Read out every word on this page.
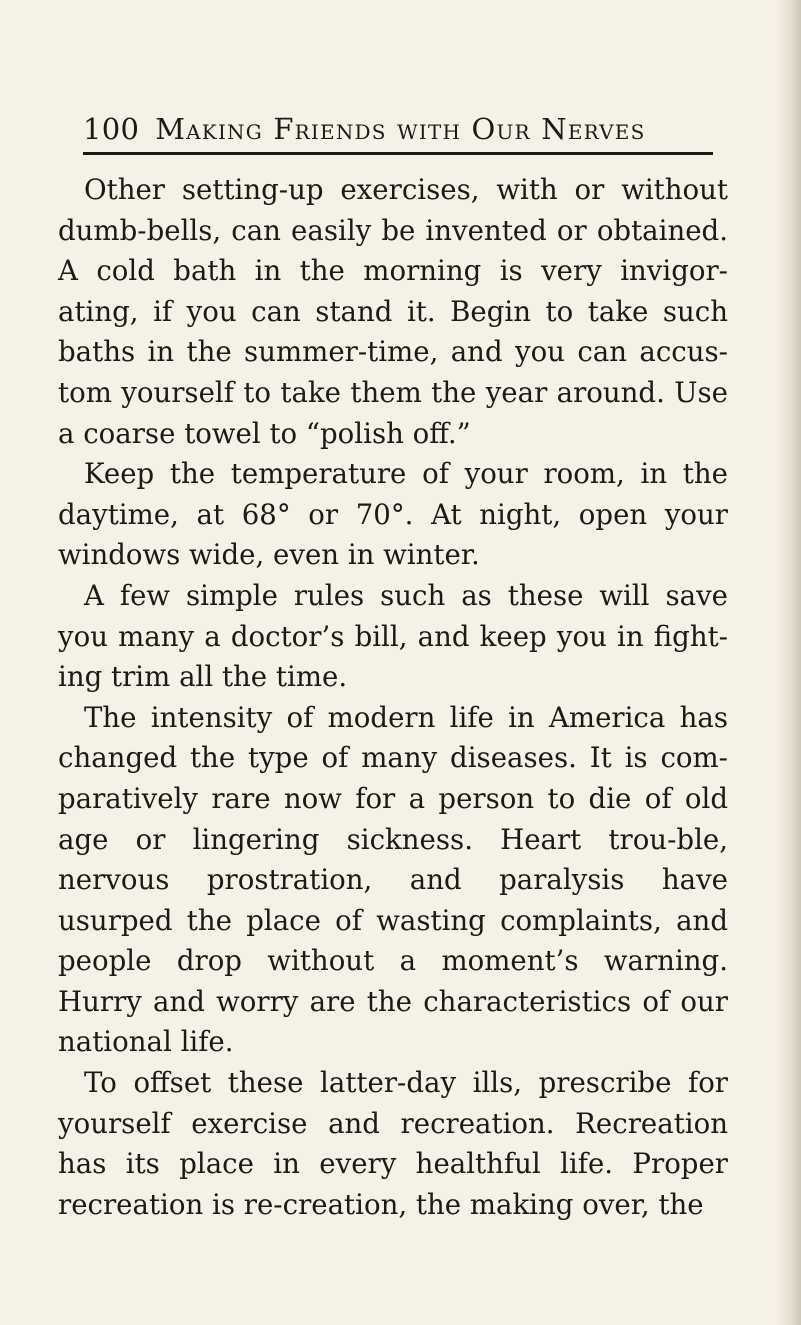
100 Making Friends with Our Nerves

Other setting-up exercises, with or without dumb-bells, can easily be invented or obtained. A cold bath in the morning is very invigor-ating, if you can stand it. Begin to take such baths in the summer-time, and you can accus-tom yourself to take them the year around. Use a coarse towel to “polish off.”

Keep the temperature of your room, in the daytime, at 68° or 70°. At night, open your windows wide, even in winter.

A few simple rules such as these will save you many a doctor’s bill, and keep you in fight-ing trim all the time.

The intensity of modern life in America has changed the type of many diseases. It is com-paratively rare now for a person to die of old age or lingering sickness. Heart trou-ble, nervous prostration, and paralysis have usurped the place of wasting complaints, and people drop without a moment’s warning. Hurry and worry are the characteristics of our national life.

To offset these latter-day ills, prescribe for yourself exercise and recreation. Recreation has its place in every healthful life. Proper recreation is re-creation, the making over, the
